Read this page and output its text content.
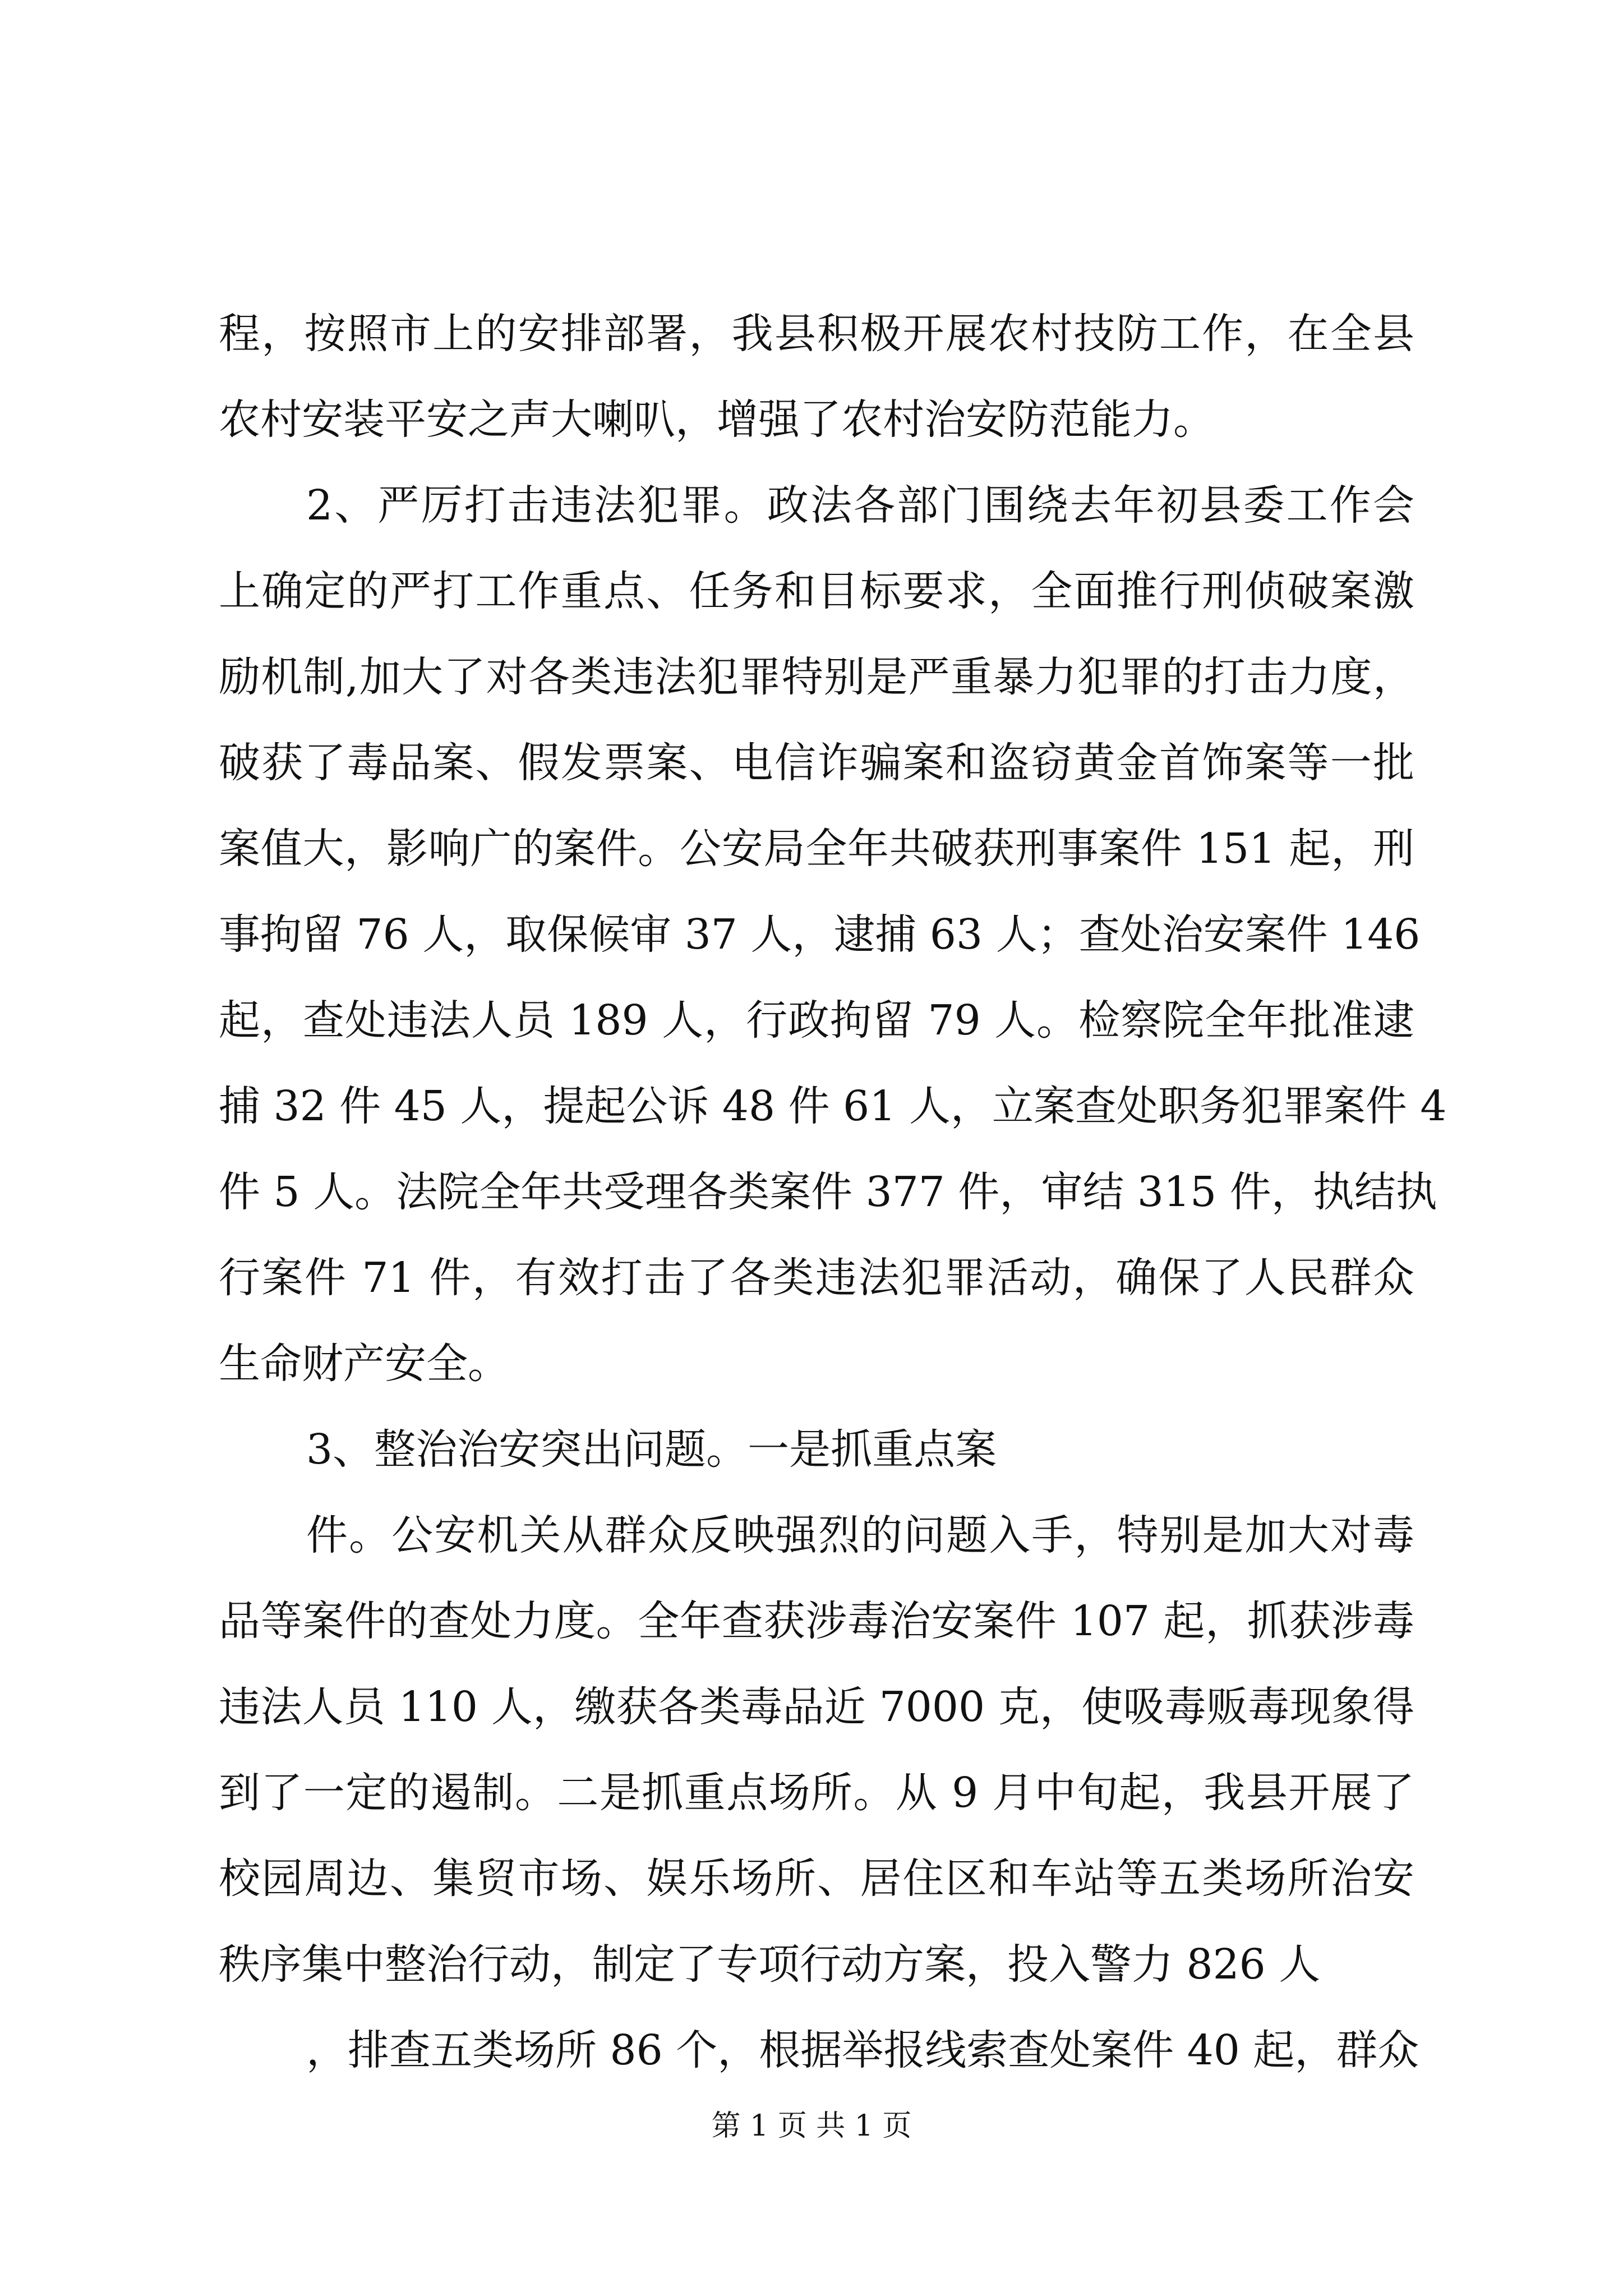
程，按照市上的安排部署，我县积极开展农村技防工作，在全县
农村安装平安之声大喇叭，增强了农村治安防范能力。
2、严厉打击违法犯罪。政法各部门围绕去年初县委工作会
上确定的严打工作重点、任务和目标要求，全面推行刑侦破案激
励机制,加大了对各类违法犯罪特别是严重暴力犯罪的打击力度，
破获了毒品案、假发票案、电信诈骗案和盗窃黄金首饰案等一批
案值大，影响广的案件。公安局全年共破获刑事案件 151 起，刑
事拘留 76 人，取保候审 37 人，逮捕 63 人；查处治安案件 146
起，查处违法人员 189 人，行政拘留 79 人。检察院全年批准逮
捕 32 件 45 人，提起公诉 48 件 61 人，立案查处职务犯罪案件 4
件 5 人。法院全年共受理各类案件 377 件，审结 315 件，执结执
行案件 71 件，有效打击了各类违法犯罪活动，确保了人民群众
生命财产安全。
3、整治治安突出问题。一是抓重点案
件。公安机关从群众反映强烈的问题入手，特别是加大对毒
品等案件的查处力度。全年查获涉毒治安案件 107 起，抓获涉毒
违法人员 110 人，缴获各类毒品近 7000 克，使吸毒贩毒现象得
到了一定的遏制。二是抓重点场所。从 9 月中旬起，我县开展了
校园周边、集贸市场、娱乐场所、居住区和车站等五类场所治安
秩序集中整治行动，制定了专项行动方案，投入警力 826 人
，排查五类场所 86 个，根据举报线索查处案件 40 起，群众
第 1 页 共 1 页
